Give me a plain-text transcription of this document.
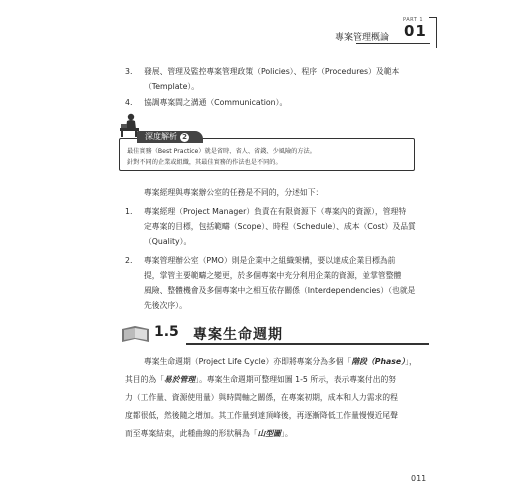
PART 1
01
專案管理概論
3. 發展、管理及監控專案管理政策（Policies）、程序（Procedures）及範本
（Template）。
4. 協調專案間之溝通（Communication）。
深度解析 2
最佳實務（Best Practice）就是省時、省人、省錢、少風險的方法。
針對不同的企業或組織，其最佳實務的作法也是不同的。
專案經理與專案辦公室的任務是不同的，分述如下：
1. 專案經理（Project Manager）負責在有限資源下（專案內的資源），管理特
定專案的目標，包括範疇（Scope）、時程（Schedule）、成本（Cost）及品質
（Quality）。
2. 專案管理辦公室（PMO）則是企業中之組織架構，要以達成企業目標為前
提，掌管主要範疇之變更，於多個專案中充分利用企業的資源，並掌管整體
風險、整體機會及多個專案中之相互依存關係（Interdependencies）（也就是
先後次序）。
1.5 專案生命週期
專案生命週期（Project Life Cycle）亦即將專案分為多個「階段（Phase）」，
其目的為「易於管理」。專案生命週期可整理如圖 1-5 所示，表示專案付出的努
力（工作量、資源使用量）與時間軸之關係，在專案初期，成本和人力需求的程
度都很低，然後隨之增加。其工作量到達頂峰後，再逐漸降低工作量慢慢近尾聲
而至專案結束，此種曲線的形狀稱為「山型圖」。
011
